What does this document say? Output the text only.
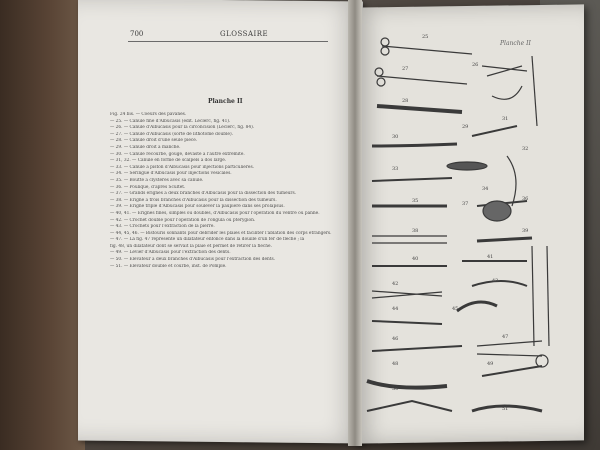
700	GLOSSAIRE
Planche II
Fig. 24 bis. — Coeurs des pavanes.
— 25. — Canule fine d'Albucasis (édit. Leclerc, fig. 41).
— 26. — Canule d'Albucasis pour la circoncision (Leclerc, fig. 84).
— 27. — Canule d'Albucasis (sorte de lithotome double).
— 28. — Canule droit d'une seule pièce.
— 29. — Canule droit à manche.
— 30. — Canule recourbé, gougé, dévasté à l'autre extrémité.
— 31, 32. — Canule en forme de scalpels à dos large.
— 33. — Canule à piston d'Albucasis pour injections particulières.
— 34. — Seringue d'Albucasis pour injections vésicales.
— 35. — Boutte à clystères avec sa canule.
— 36. — Poulique, d'après Scultet.
— 37. — Grands érignes à deux branches d'Albucasis pour la dissection des tumeurs.
— 38. — Érigne à trois branches d'Albucasis pour la dissection des tumeurs.
— 39. — Érigne triple d'Albucasis pour soulever la paupière dans ses prolapsus.
— 40, 41. — Érignes fines, simples ou doubles, d'Albucasis pour l'opération du ventre ou panne.
— 42. — Crochet double pour l'opération de l'ongula ou ptérygion.
— 43. — Crochets pour l'extraction de la pierre.
— 44, 45, 46. — Bistouris sonnants pour débrider les plaies et faciliter l'ablation des corps étrangers.
— 47. — La fig. 47 représente un dilatateur enfoncé dans la douille d'un fer de flèche ; la
fig. 48, un dilatateur dont se servait la plaie et permet de retirer la flèche.
— 49. — Levier d'Albucasis pour l'extraction des dents.
— 50. — Élévateur à deux branches d'Albucasis pour l'extraction des dents.
— 51. — Élévateur double et courbe, inst. de Pomplé.
Planche II
25
26
27
28
29
30
31
32
33
34
35	36
37
38	39
40	41
42	43
44	45
46	47
48	49
50
51
